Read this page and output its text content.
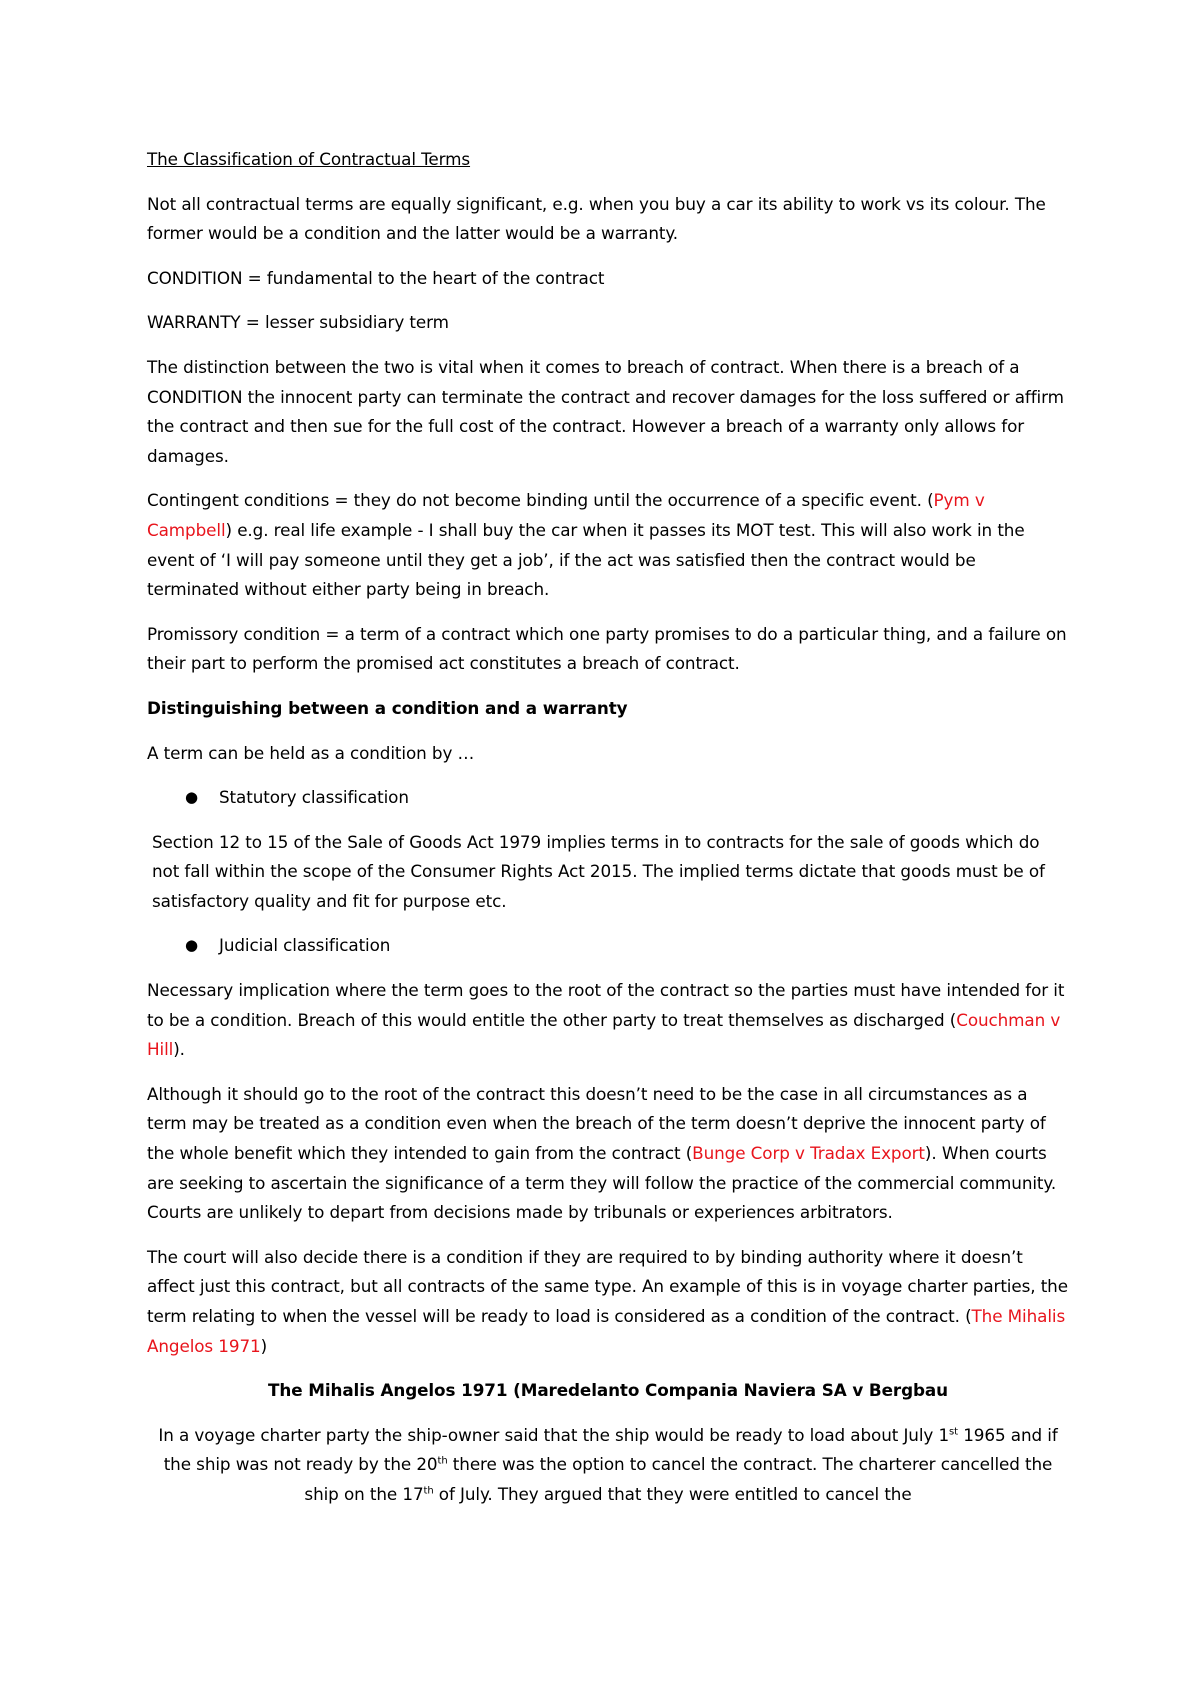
The Classification of Contractual Terms
Not all contractual terms are equally significant, e.g. when you buy a car its ability to work vs its colour. The former would be a condition and the latter would be a warranty.
CONDITION = fundamental to the heart of the contract
WARRANTY = lesser subsidiary term
The distinction between the two is vital when it comes to breach of contract. When there is a breach of a CONDITION the innocent party can terminate the contract and recover damages for the loss suffered or affirm the contract and then sue for the full cost of the contract. However a breach of a warranty only allows for damages.
Contingent conditions = they do not become binding until the occurrence of a specific event. (Pym v Campbell) e.g. real life example - I shall buy the car when it passes its MOT test. This will also work in the event of ‘I will pay someone until they get a job’, if the act was satisfied then the contract would be terminated without either party being in breach.
Promissory condition = a term of a contract which one party promises to do a particular thing, and a failure on their part to perform the promised act constitutes a breach of contract.
Distinguishing between a condition and a warranty
A term can be held as a condition by …
●	Statutory classification
Section 12 to 15 of the Sale of Goods Act 1979 implies terms in to contracts for the sale of goods which do not fall within the scope of the Consumer Rights Act 2015. The implied terms dictate that goods must be of satisfactory quality and fit for purpose etc.
●	Judicial classification
Necessary implication where the term goes to the root of the contract so the parties must have intended for it to be a condition. Breach of this would entitle the other party to treat themselves as discharged (Couchman v Hill).
Although it should go to the root of the contract this doesn’t need to be the case in all circumstances as a term may be treated as a condition even when the breach of the term doesn’t deprive the innocent party of the whole benefit which they intended to gain from the contract (Bunge Corp v Tradax Export). When courts are seeking to ascertain the significance of a term they will follow the practice of the commercial community. Courts are unlikely to depart from decisions made by tribunals or experiences arbitrators.
The court will also decide there is a condition if they are required to by binding authority where it doesn’t affect just this contract, but all contracts of the same type. An example of this is in voyage charter parties, the term relating to when the vessel will be ready to load is considered as a condition of the contract. (The Mihalis Angelos 1971)
The Mihalis Angelos 1971 (Maredelanto Compania Naviera SA v Bergbau
In a voyage charter party the ship-owner said that the ship would be ready to load about July 1st 1965 and if the ship was not ready by the 20th there was the option to cancel the contract. The charterer cancelled the ship on the 17th of July. They argued that they were entitled to cancel the
